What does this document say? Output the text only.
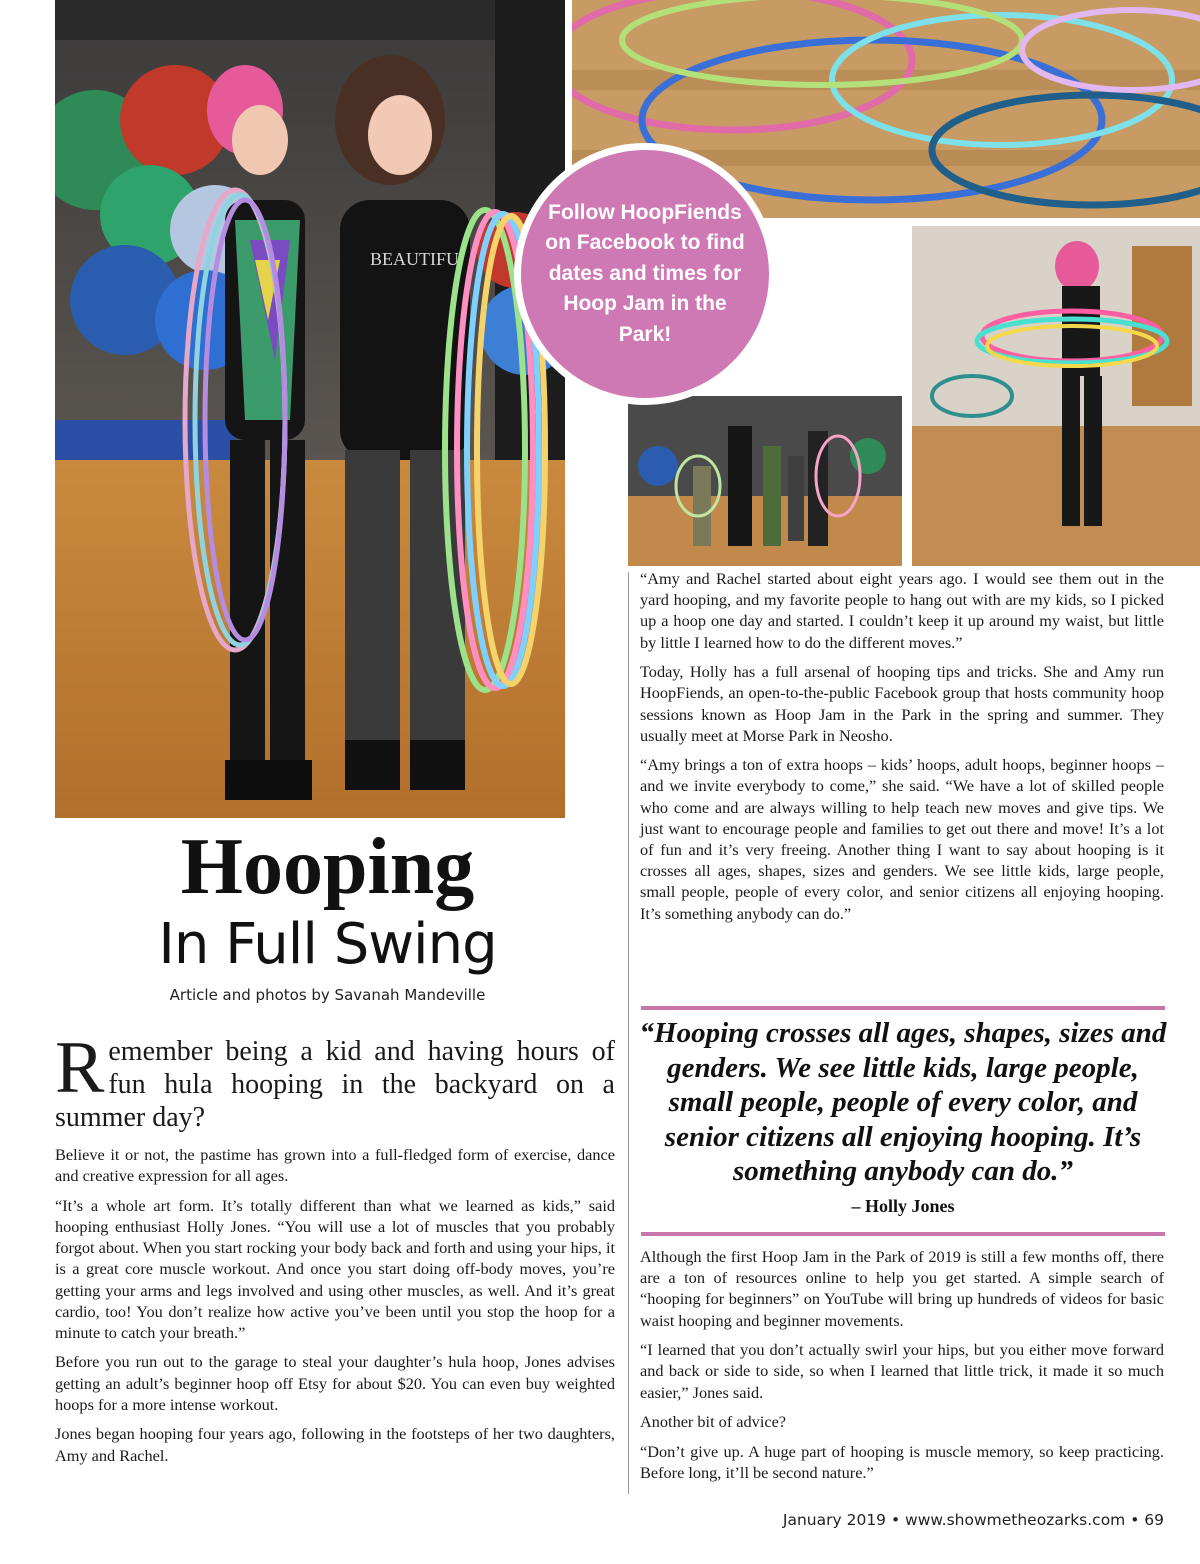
BEAUTIFU

Follow HoopFiends on Facebook to find dates and times for Hoop Jam in the Park!

Hooping
In Full Swing
Article and photos by Savanah Mandeville

Remember being a kid and having hours of fun hula hooping in the backyard on a summer day?

Believe it or not, the pastime has grown into a full-fledged form of exercise, dance and creative expression for all ages.

“It’s a whole art form. It’s totally different than what we learned as kids,” said hooping enthusiast Holly Jones. “You will use a lot of muscles that you probably forgot about. When you start rocking your body back and forth and using your hips, it is a great core muscle workout. And once you start doing off-body moves, you’re getting your arms and legs involved and using other muscles, as well. And it’s great cardio, too! You don’t realize how active you’ve been until you stop the hoop for a minute to catch your breath.”

Before you run out to the garage to steal your daughter’s hula hoop, Jones advises getting an adult’s beginner hoop off Etsy for about $20. You can even buy weighted hoops for a more intense workout.

Jones began hooping four years ago, following in the footsteps of her two daughters, Amy and Rachel.

“Amy and Rachel started about eight years ago. I would see them out in the yard hooping, and my favorite people to hang out with are my kids, so I picked up a hoop one day and started. I couldn’t keep it up around my waist, but little by little I learned how to do the different moves.”

Today, Holly has a full arsenal of hooping tips and tricks. She and Amy run HoopFiends, an open-to-the-public Facebook group that hosts community hoop sessions known as Hoop Jam in the Park in the spring and summer. They usually meet at Morse Park in Neosho.

“Amy brings a ton of extra hoops – kids’ hoops, adult hoops, beginner hoops – and we invite everybody to come,” she said. “We have a lot of skilled people who come and are always willing to help teach new moves and give tips. We just want to encourage people and families to get out there and move! It’s a lot of fun and it’s very freeing. Another thing I want to say about hooping is it crosses all ages, shapes, sizes and genders. We see little kids, large people, small people, people of every color, and senior citizens all enjoying hooping. It’s something anybody can do.”

“Hooping crosses all ages, shapes, sizes and genders. We see little kids, large people, small people, people of every color, and senior citizens all enjoying hooping. It’s something anybody can do.”

– Holly Jones

Although the first Hoop Jam in the Park of 2019 is still a few months off, there are a ton of resources online to help you get started. A simple search of “hooping for beginners” on YouTube will bring up hundreds of videos for basic waist hooping and beginner movements.

“I learned that you don’t actually swirl your hips, but you either move forward and back or side to side, so when I learned that little trick, it made it so much easier,” Jones said.

Another bit of advice?

“Don’t give up. A huge part of hooping is muscle memory, so keep practicing. Before long, it’ll be second nature.”

January 2019 • www.showmetheozarks.com • 69
